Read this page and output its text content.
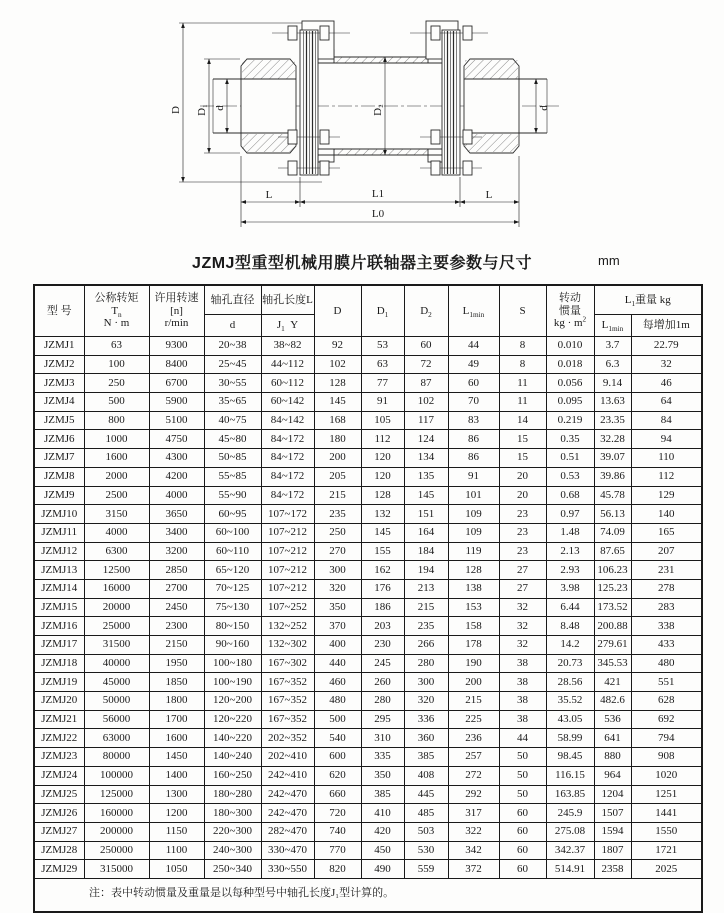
D D₁ d	D₂	d
L	L1	L
L0
JZMJ型重型机械用膜片联轴器主要参数与尺寸	mm
型 号	
公称转矩
$T_n$
N · m

许用转速
[n]
r/min
	轴孔直径	轴孔长度L	D	$D_1$	$D_2$	$L_{1min}$	S	
转动
惯量
kg · $m^2$
	$L_1$重量 kg
			d	$J_1$ Y							$L_{1min}$	每增加1m
JZMJ1	63	9300	20~38	38~82	92	53	60	44	8	0.010	3.7	22.79
JZMJ2	100	8400	25~45	44~112	102	63	72	49	8	0.018	6.3	32
JZMJ3	250	6700	30~55	60~112	128	77	87	60	11	0.056	9.14	46
JZMJ4	500	5900	35~65	60~142	145	91	102	70	11	0.095	13.63	64
JZMJ5	800	5100	40~75	84~142	168	105	117	83	14	0.219	23.35	84
JZMJ6	1000	4750	45~80	84~172	180	112	124	86	15	0.35	32.28	94
JZMJ7	1600	4300	50~85	84~172	200	120	134	86	15	0.51	39.07	110
JZMJ8	2000	4200	55~85	84~172	205	120	135	91	20	0.53	39.86	112
JZMJ9	2500	4000	55~90	84~172	215	128	145	101	20	0.68	45.78	129
JZMJ10	3150	3650	60~95	107~172	235	132	151	109	23	0.97	56.13	140
JZMJ11	4000	3400	60~100	107~212	250	145	164	109	23	1.48	74.09	165
JZMJ12	6300	3200	60~110	107~212	270	155	184	119	23	2.13	87.65	207
JZMJ13	12500	2850	65~120	107~212	300	162	194	128	27	2.93	106.23	231
JZMJ14	16000	2700	70~125	107~212	320	176	213	138	27	3.98	125.23	278
JZMJ15	20000	2450	75~130	107~252	350	186	215	153	32	6.44	173.52	283
JZMJ16	25000	2300	80~150	132~252	370	203	235	158	32	8.48	200.88	338
JZMJ17	31500	2150	90~160	132~302	400	230	266	178	32	14.2	279.61	433
JZMJ18	40000	1950	100~180	167~302	440	245	280	190	38	20.73	345.53	480
JZMJ19	45000	1850	100~190	167~352	460	260	300	200	38	28.56	421	551
JZMJ20	50000	1800	120~200	167~352	480	280	320	215	38	35.52	482.6	628
JZMJ21	56000	1700	120~220	167~352	500	295	336	225	38	43.05	536	692
JZMJ22	63000	1600	140~220	202~352	540	310	360	236	44	58.99	641	794
JZMJ23	80000	1450	140~240	202~410	600	335	385	257	50	98.45	880	908
JZMJ24	100000	1400	160~250	242~410	620	350	408	272	50	116.15	964	1020
JZMJ25	125000	1300	180~280	242~470	660	385	445	292	50	163.85	1204	1251
JZMJ26	160000	1200	180~300	242~470	720	410	485	317	60	245.9	1507	1441
JZMJ27	200000	1150	220~300	282~470	740	420	503	322	60	275.08	1594	1550
JZMJ28	250000	1100	240~300	330~470	770	450	530	342	60	342.37	1807	1721
JZMJ29	315000	1050	250~340	330~550	820	490	559	372	60	514.91	2358	2025
注：表中转动惯量及重量是以每种型号中轴孔长度J₁型计算的。												
